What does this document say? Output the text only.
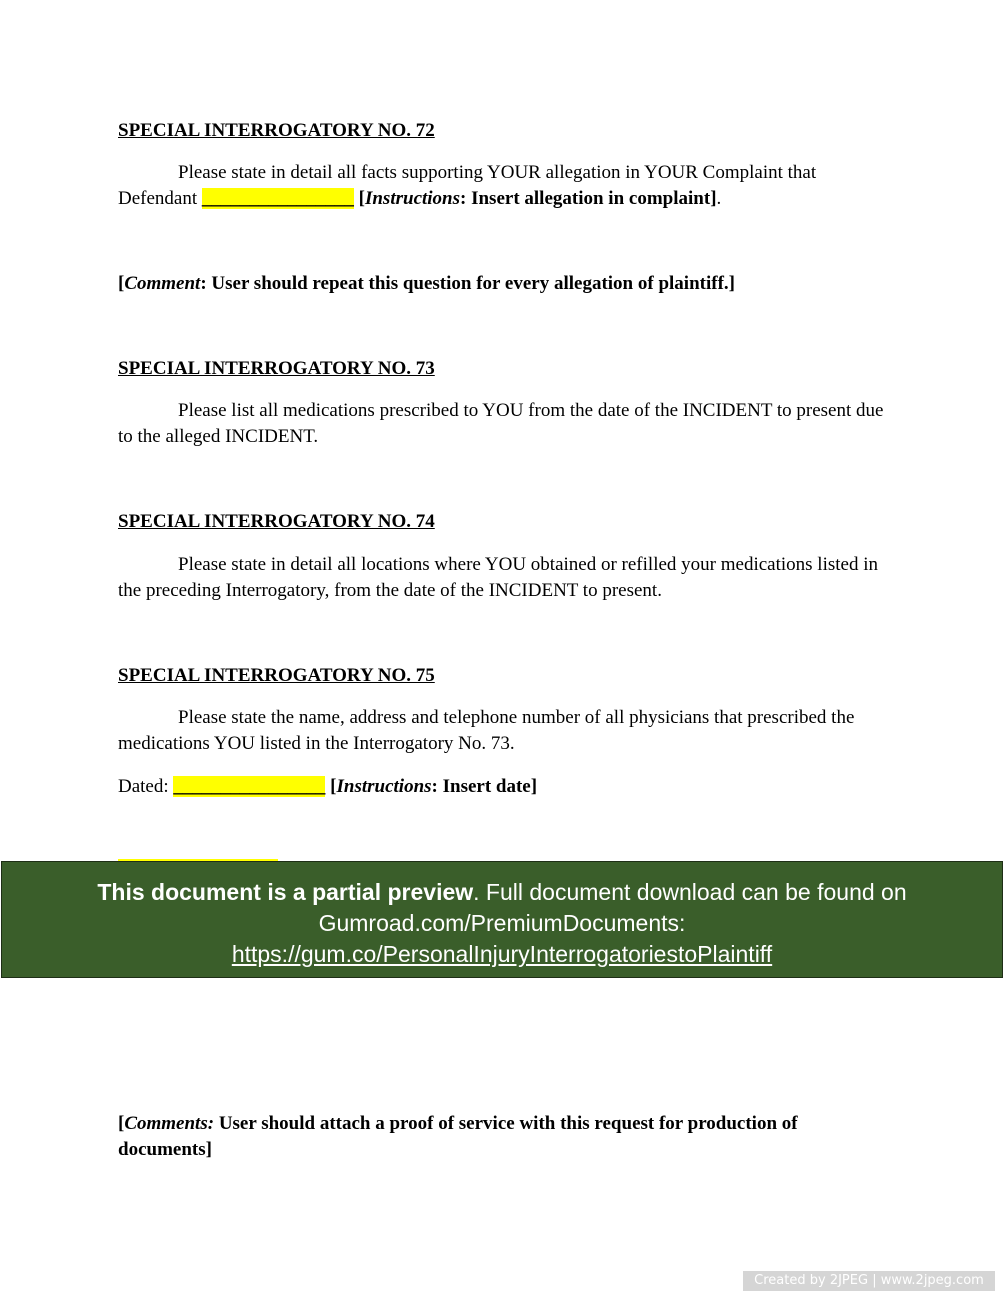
SPECIAL INTERROGATORY NO. 72
Please state in detail all facts supporting YOUR allegation in YOUR Complaint that Defendant ________________ [Instructions: Insert allegation in complaint].
[Comment: User should repeat this question for every allegation of plaintiff.]
SPECIAL INTERROGATORY NO. 73
Please list all medications prescribed to YOU from the date of the INCIDENT to present due to the alleged INCIDENT.
SPECIAL INTERROGATORY NO. 74
Please state in detail all locations where YOU obtained or refilled your medications listed in the preceding Interrogatory, from the date of the INCIDENT to present.
SPECIAL INTERROGATORY NO. 75
Please state the name, address and telephone number of all physicians that prescribed the medications YOU listed in the Interrogatory No. 73.
Dated: ________________ [Instructions: Insert date]
This document is a partial preview. Full document download can be found on
Gumroad.com/PremiumDocuments:
https://gum.co/PersonalInjuryInterrogatoriestoPlaintiff
[Comments: User should attach a proof of service with this request for production of documents]
Created by 2JPEG | www.2jpeg.com
